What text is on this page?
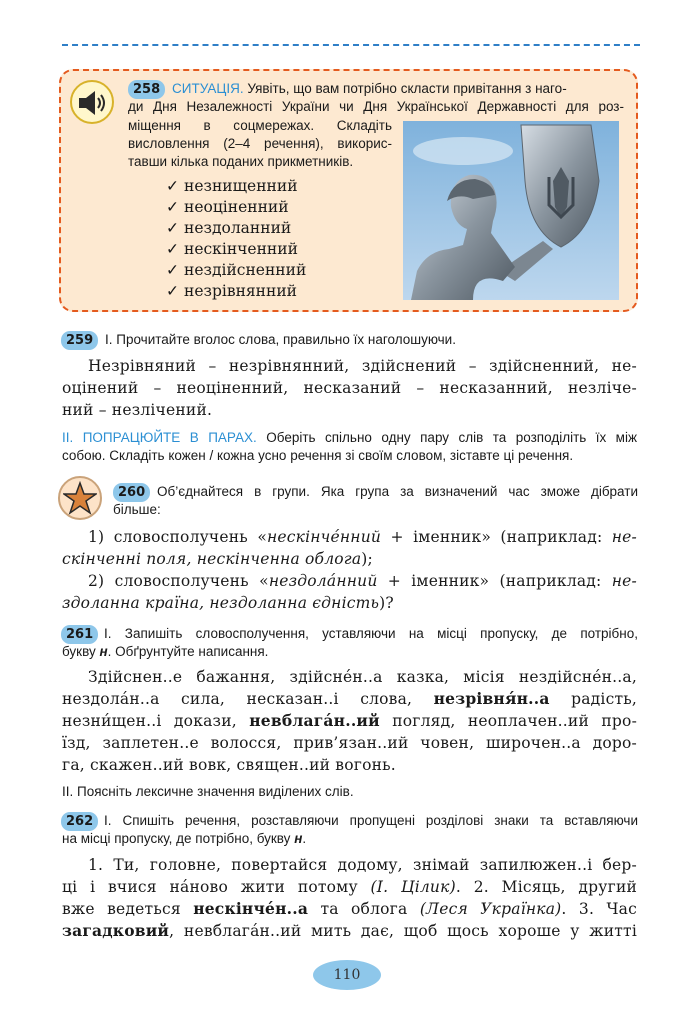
258 СИТУАЦІЯ. Уявіть, що вам потрібно скласти привітання з наго-
ди Дня Незалежності України чи Дня Української Державності для роз-
міщення в соцмережах. Складіть
висловлення (2–4 речення), викорис-
тавши кілька поданих прикметників.
✓ незнищенний
✓ неоціненний
✓ нездоланний
✓ нескінченний
✓ нездійсненний
✓ незрівнянний
259 І. Прочитайте вголос слова, правильно їх наголошуючи.
Незрівняний – незрівнянний, здійснений – здійсненний, не-
оцінений – неоціненний, несказаний – несказанний, незліче-
ний – незлічений.
ІІ. ПОПРАЦЮЙТЕ В ПАРАХ. Оберіть спільно одну пару слів та розподіліть їх між
собою. Складіть кожен / кожна усно речення зі своїм словом, зіставте ці речення.
260 Об’єднайтеся в групи. Яка група за визначений час зможе дібрати
більше:
1) словосполучень «нескінче́нний + іменник» (наприклад: не-
скінченні поля, нескінченна облога);
2) словосполучень «нездола́нний + іменник» (наприклад: не-
здоланна країна, нездоланна єдність)?
261 І. Запишіть словосполучення, уставляючи на місці пропуску, де потрібно,
букву н. Обґрунтуйте написання.
Здійснен..е бажання, здійснéн..а казка, місія нездійснéн..а,
нездолáн..а сила, несказан..і слова, незрівня́н..а радість,
незни́щен..і докази, невблагáн..ий погляд, неоплачен..ий про-
їзд, заплетен..е волосся, прив’язан..ий човен, широчен..а доро-
га, скажен..ий вовк, священ..ий вогонь.
ІІ. Поясніть лексичне значення виділених слів.
262 І. Спишіть речення, розставляючи пропущені розділові знаки та вставляючи
на місці пропуску, де потрібно, букву н.
1. Ти, головне, повертайся додому, знімай запилюжен..і бер-
ці і вчися нáново жити потому (І. Цілик). 2. Місяць, другий
вже ведеться нескінчéн..а та облога (Леся Українка). 3. Час
загадковий, невблагáн..ий мить дає, щоб щось хороше у житті
110
